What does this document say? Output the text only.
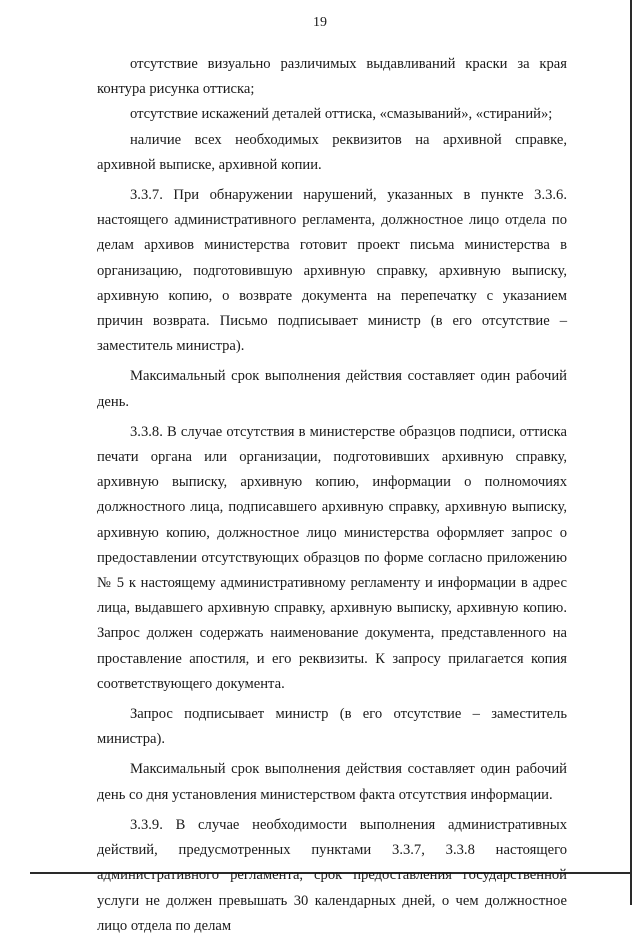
19

отсутствие визуально различимых выдавливаний краски за края контура рисунка оттиска;

отсутствие искажений деталей оттиска, «смазываний», «стираний»;

наличие всех необходимых реквизитов на архивной справке, архивной выписке, архивной копии.

3.3.7. При обнаружении нарушений, указанных в пункте 3.3.6. настоящего административного регламента, должностное лицо отдела по делам архивов министерства готовит проект письма министерства в организацию, подготовившую архивную справку, архивную выписку, архивную копию, о возврате документа на перепечатку с указанием причин возврата. Письмо подписывает министр (в его отсутствие – заместитель министра).

Максимальный срок выполнения действия составляет один рабочий день.

3.3.8. В случае отсутствия в министерстве образцов подписи, оттиска печати органа или организации, подготовивших архивную справку, архивную выписку, архивную копию, информации о полномочиях должностного лица, подписавшего архивную справку, архивную выписку, архивную копию, должностное лицо министерства оформляет запрос о предоставлении отсутствующих образцов по форме согласно приложению № 5 к настоящему административному регламенту и информации в адрес лица, выдавшего архивную справку, архивную выписку, архивную копию. Запрос должен содержать наименование документа, представленного на проставление апостиля, и его реквизиты. К запросу прилагается копия соответствующего документа.

Запрос подписывает министр (в его отсутствие – заместитель министра).

Максимальный срок выполнения действия составляет один рабочий день со дня установления министерством факта отсутствия информации.

3.3.9. В случае необходимости выполнения административных действий, предусмотренных пунктами 3.3.7, 3.3.8 настоящего административного регламента, срок предоставления государственной услуги не должен превышать 30 календарных дней, о чем должностное лицо отдела по делам
